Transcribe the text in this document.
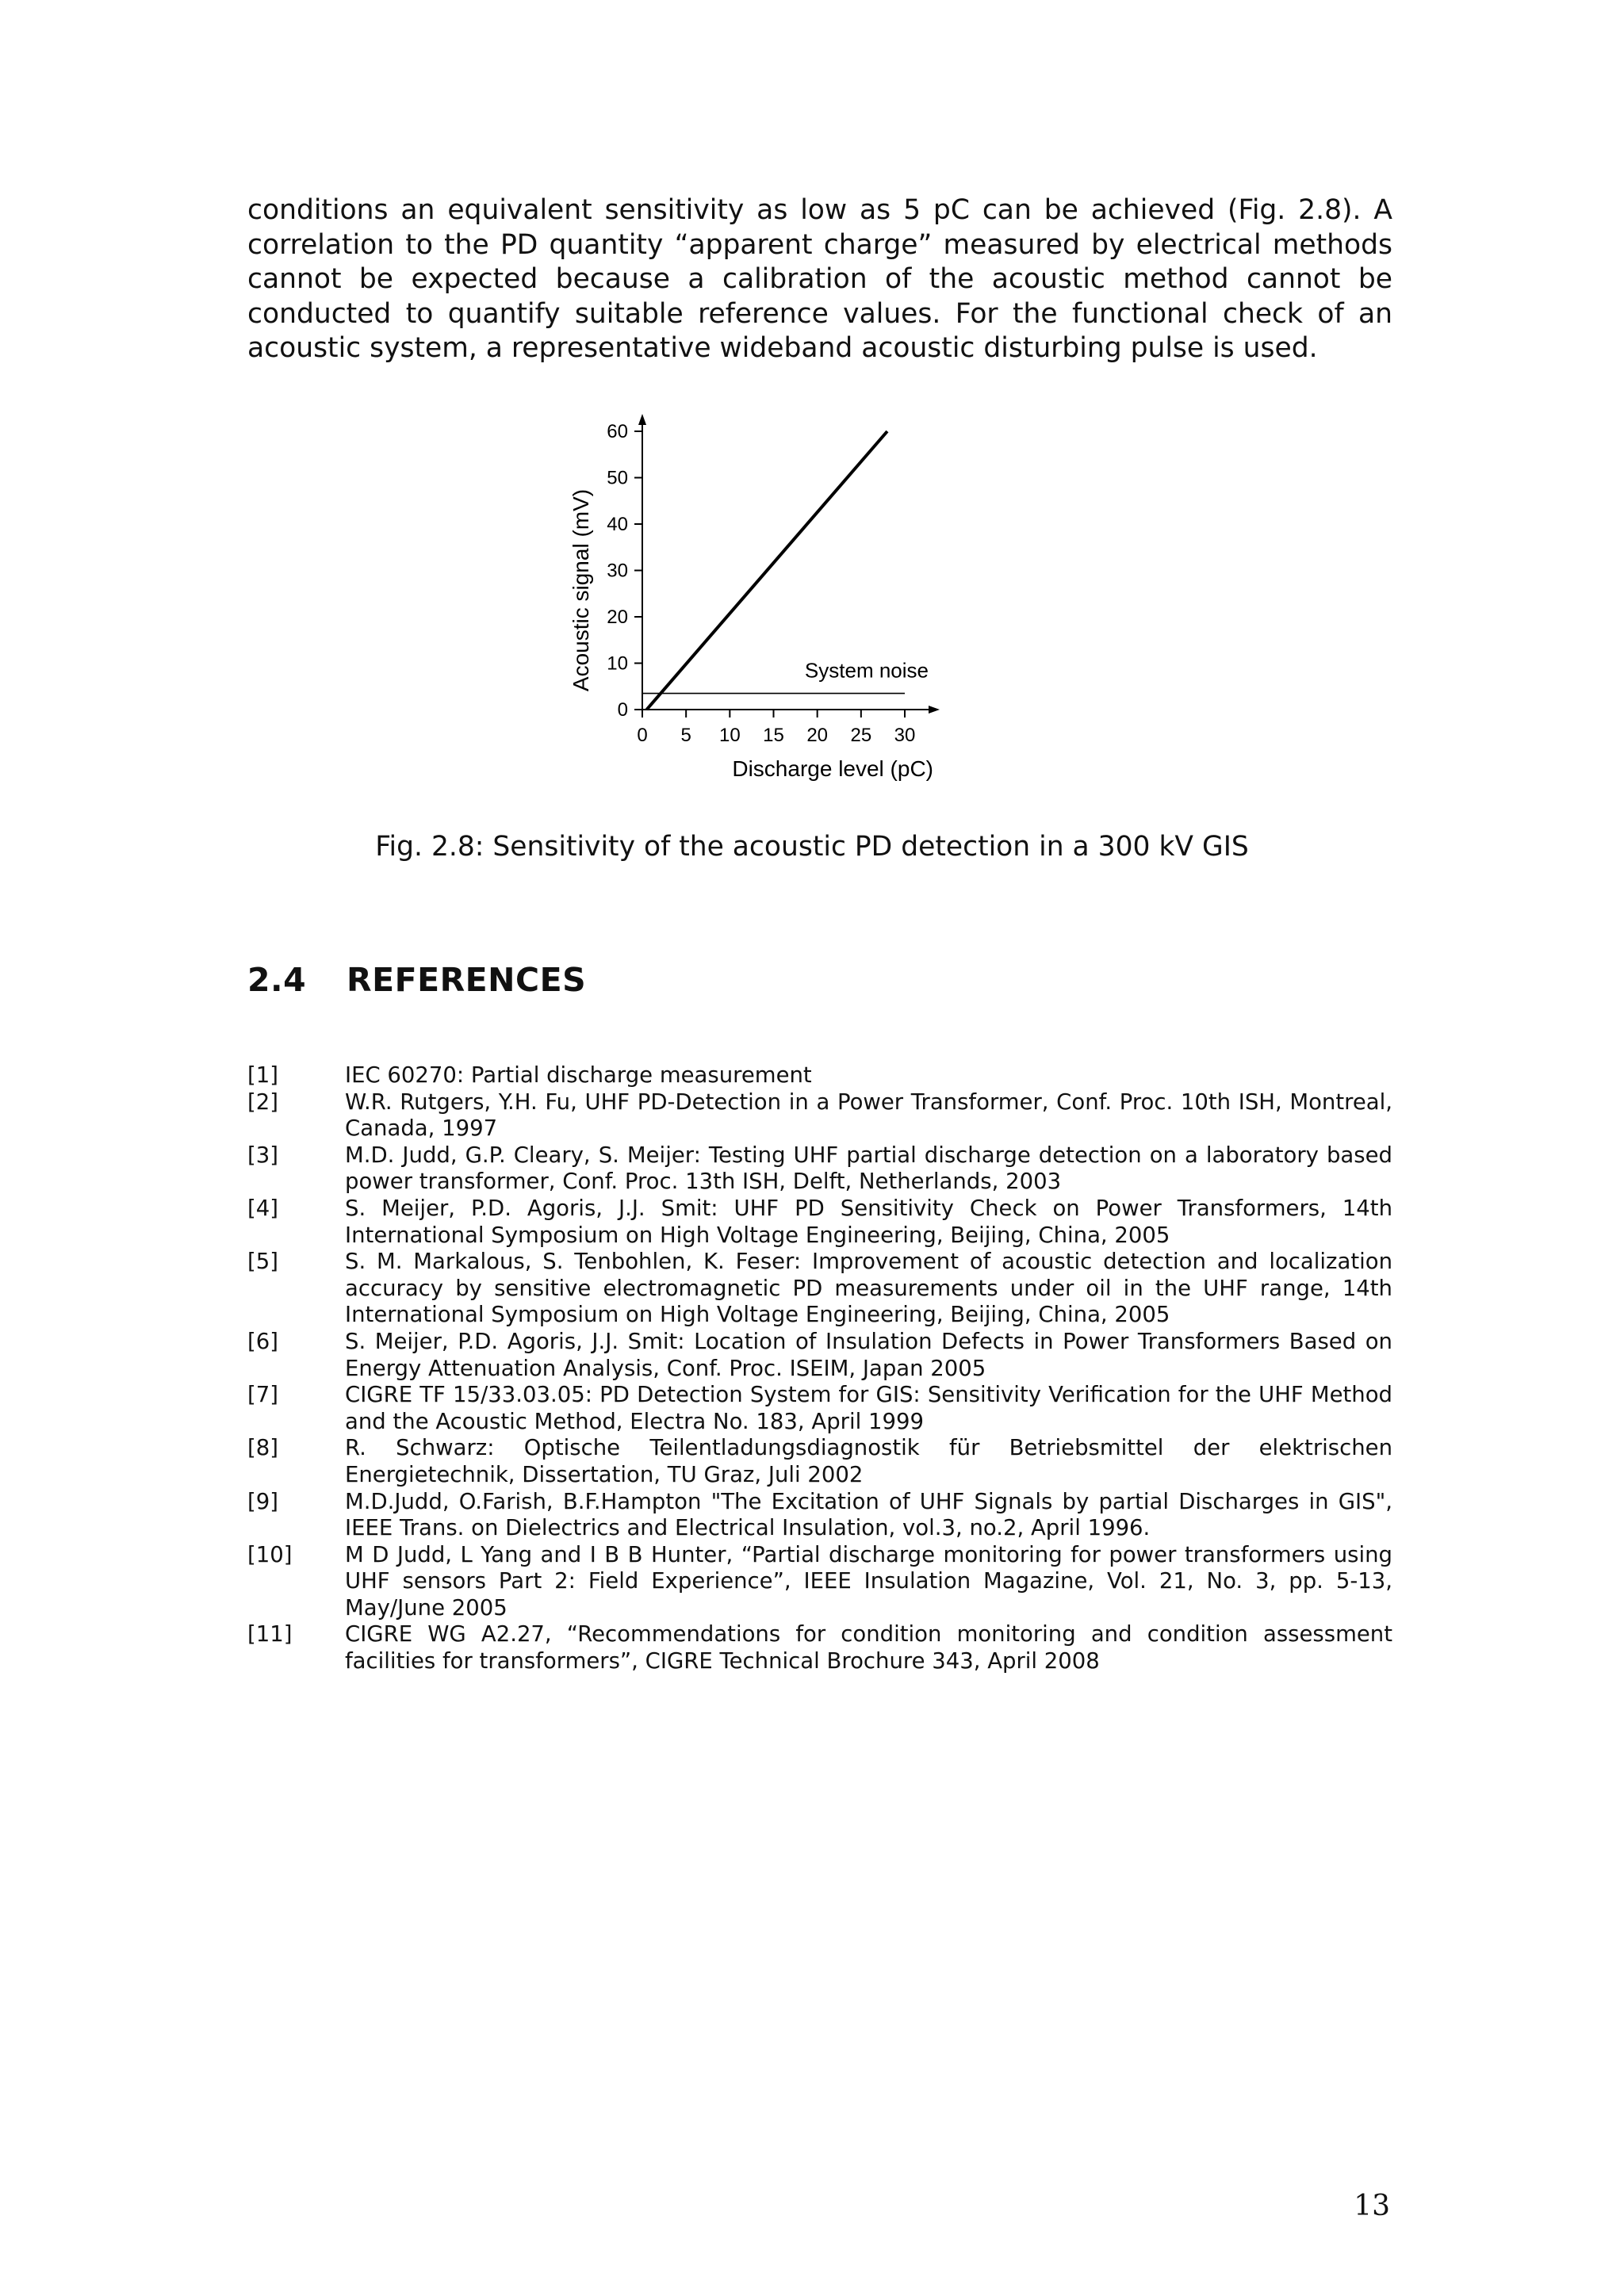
conditions an equivalent sensitivity as low as 5 pC can be achieved (Fig. 2.8). A
correlation to the PD quantity “apparent charge” measured by electrical methods
cannot be expected because a calibration of the acoustic method cannot be
conducted to quantify suitable reference values. For the functional check of an
acoustic system, a representative wideband acoustic disturbing pulse is used.

0 5 10 15 20 25 30
0
10
20
30
40
50
60
System noise
Discharge level (pC)
Acoustic signal (mV)

Fig. 2.8: Sensitivity of the acoustic PD detection in a 300 kV GIS

2.4 REFERENCES
[1]	IEC 60270: Partial discharge measurement
[2]	W.R. Rutgers, Y.H. Fu, UHF PD-Detection in a Power Transformer, Conf. Proc. 10th ISH, Montreal, Canada, 1997
[3]	M.D. Judd, G.P. Cleary, S. Meijer: Testing UHF partial discharge detection on a laboratory based power transformer, Conf. Proc. 13th ISH, Delft, Netherlands, 2003
[4]	S. Meijer, P.D. Agoris, J.J. Smit: UHF PD Sensitivity Check on Power Transformers, 14th International Symposium on High Voltage Engineering, Beijing, China, 2005
[5]	S. M. Markalous, S. Tenbohlen, K. Feser: Improvement of acoustic detection and localization accuracy by sensitive electromagnetic PD measurements under oil in the UHF range, 14th International Symposium on High Voltage Engineering, Beijing, China, 2005
[6]	S. Meijer, P.D. Agoris, J.J. Smit: Location of Insulation Defects in Power Transformers Based on Energy Attenuation Analysis, Conf. Proc. ISEIM, Japan 2005
[7]	CIGRE TF 15/33.03.05: PD Detection System for GIS: Sensitivity Verification for the UHF Method and the Acoustic Method, Electra No. 183, April 1999
[8]	R. Schwarz: Optische Teilentladungsdiagnostik für Betriebsmittel der elektrischen Energietechnik, Dissertation, TU Graz, Juli 2002
[9]	M.D.Judd, O.Farish, B.F.Hampton "The Excitation of UHF Signals by partial Discharges in GIS", IEEE Trans. on Dielectrics and Electrical Insulation, vol.3, no.2, April 1996.
[10]	M D Judd, L Yang and I B B Hunter, “Partial discharge monitoring for power transformers using UHF sensors Part 2: Field Experience”, IEEE Insulation Magazine, Vol. 21, No. 3, pp. 5-13, May/June 2005
[11]	CIGRE WG A2.27, “Recommendations for condition monitoring and condition assessment facilities for transformers”, CIGRE Technical Brochure 343, April 2008

13
